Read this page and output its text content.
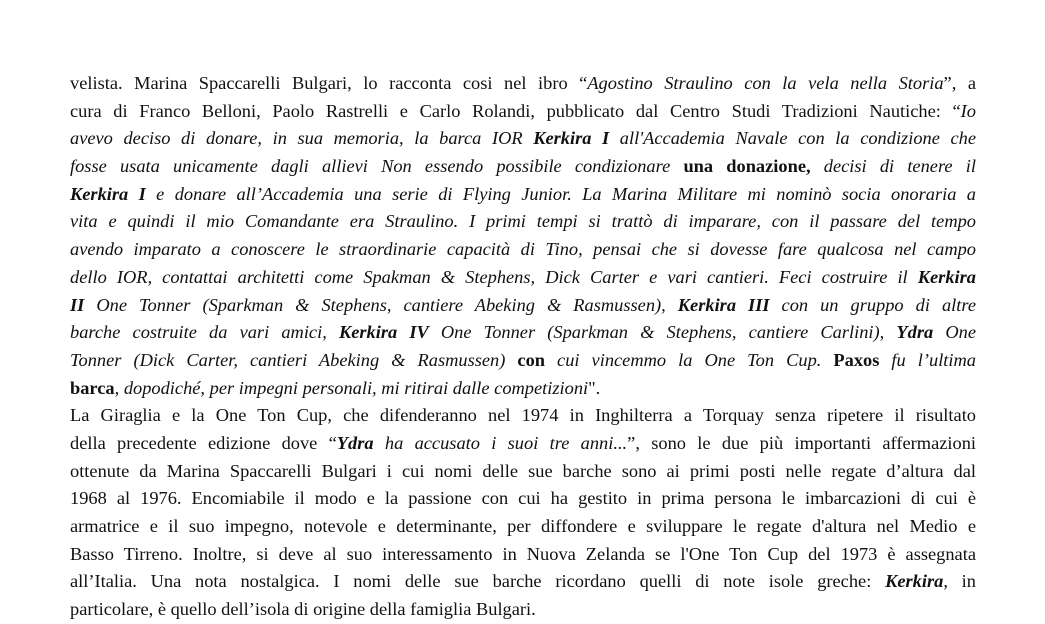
velista. Marina Spaccarelli Bulgari, lo racconta cosi nel ibro “Agostino Straulino con la vela nella Storia”, a
cura di Franco Belloni, Paolo Rastrelli e Carlo Rolandi, pubblicato dal Centro Studi Tradizioni Nautiche: “Io
avevo deciso di donare, in sua memoria, la barca IOR Kerkira I all'Accademia Navale con la condizione che
fosse usata unicamente dagli allievi Non essendo possibile condizionare una donazione, decisi di tenere il
Kerkira I e donare all’Accademia una serie di Flying Junior. La Marina Militare mi nominò socia onoraria a
vita e quindi il mio Comandante era Straulino. I primi tempi si trattò di imparare, con il passare del tempo
avendo imparato a conoscere le straordinarie capacità di Tino, pensai che si dovesse fare qualcosa nel campo
dello IOR, contattai architetti come Spakman & Stephens, Dick Carter e vari cantieri. Feci costruire il Kerkira
II One Tonner (Sparkman & Stephens, cantiere Abeking & Rasmussen), Kerkira III con un gruppo di altre
barche costruite da vari amici, Kerkira IV One Tonner (Sparkman & Stephens, cantiere Carlini), Ydra One
Tonner (Dick Carter, cantieri Abeking & Rasmussen) con cui vincemmo la One Ton Cup. Paxos fu l’ultima
barca, dopodiché, per impegni personali, mi ritirai dalle competizioni".
La Giraglia e la One Ton Cup, che difenderanno nel 1974 in Inghilterra a Torquay senza ripetere il risultato
della precedente edizione dove “Ydra ha accusato i suoi tre anni...”, sono le due più importanti affermazioni
ottenute da Marina Spaccarelli Bulgari i cui nomi delle sue barche sono ai primi posti nelle regate d’altura dal
1968 al 1976. Encomiabile il modo e la passione con cui ha gestito in prima persona le imbarcazioni di cui è
armatrice e il suo impegno, notevole e determinante, per diffondere e sviluppare le regate d'altura nel Medio e
Basso Tirreno. Inoltre, si deve al suo interessamento in Nuova Zelanda se l'One Ton Cup del 1973 è assegnata
all’Italia. Una nota nostalgica. I nomi delle sue barche ricordano quelli di note isole greche: Kerkira, in
particolare, è quello dell’isola di origine della famiglia Bulgari.
